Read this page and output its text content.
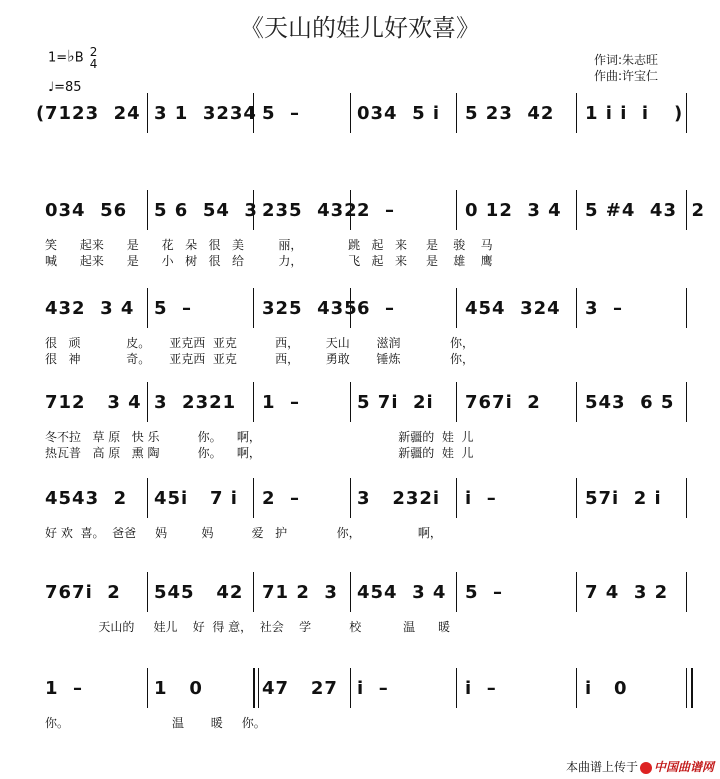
《天山的娃儿好欢喜》
1=♭B 2
4
♩=85
作词:朱志旺
作曲:许宝仁
(	)
7123  24 3 1  3234 5  –	034  5 i 5 23  42 1 i i  i
034  56 5 6  54  3 235  432 2  –	0 12  3 4 5 #4  43  2
笑      起来      是      花   朵   很   美         丽，            跳   起   来     是    骏    马
喊      起来      是      小   树   很   给         力，            飞   起   来     是    雄    鹰
432  3 4 5  –	325  435 6  –	454  324 3  –
很   顽            皮。     亚克西  亚克          西，       天山       滋润             你，
很   神            奇。     亚克西  亚克          西，       勇敢       锤炼             你，
712   3 4 3  2321 1  –	5 7i  2i 767i  2 543  6 5
冬不拉   草 原   快 乐          你。    啊，                                    新疆的  娃  儿
热瓦普   高 原   熏 陶          你。    啊，                                    新疆的  娃  儿
4543  2 45i   7 i 2  –	3   232i i  –	57i  2 i
好 欢  喜。  爸爸     妈         妈          爱   护             你，               啊，
767i  2 545   42 71 2  3 454  3 4 5  –	7 4  3 2
天山的     娃儿    好  得 意，  社会    学          校           温      暖
1  –	1   0	47   27 i  –	i  –	i   0
你。                           温       暖     你。
本曲谱上传于 中国曲谱网
